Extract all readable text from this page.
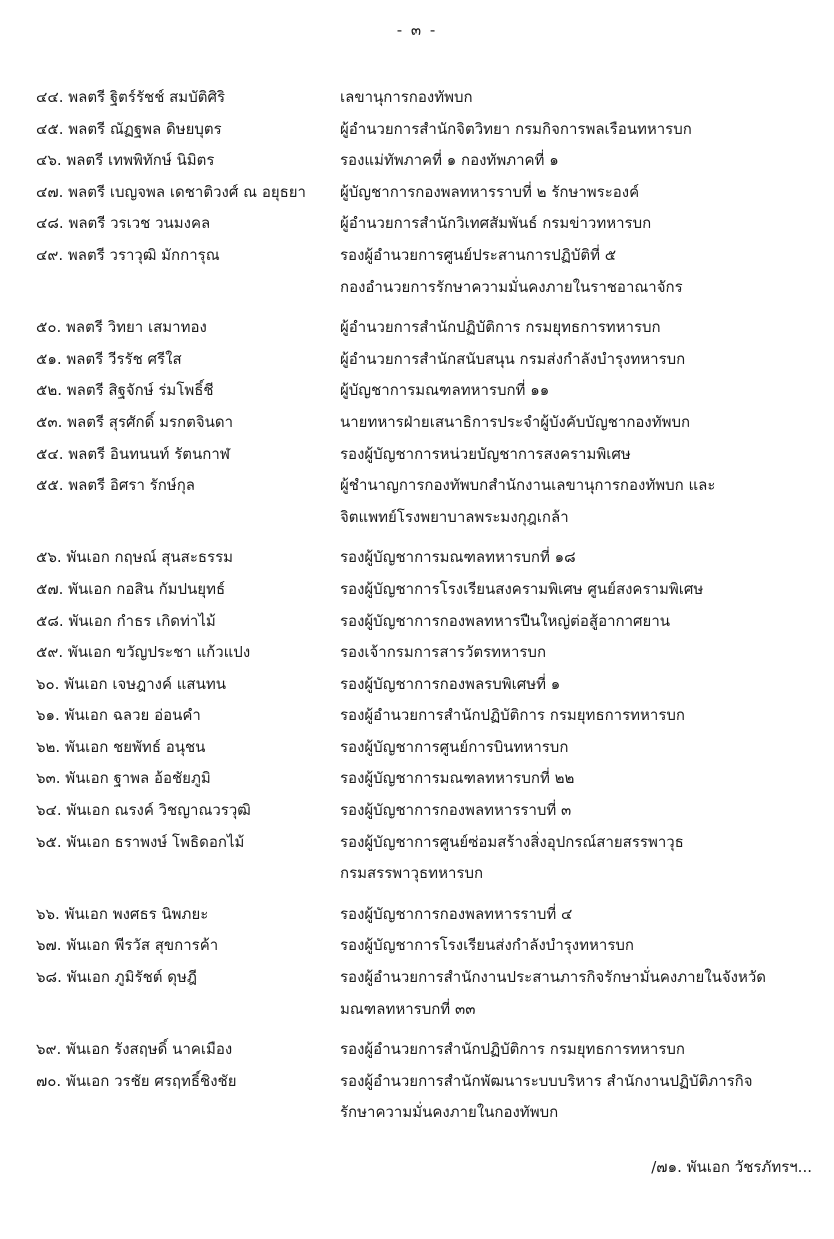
- ๓ -
๔๔. พลตรี ฐิตร์รัชช์ สมบัติศิริ	เลขานุการกองทัพบก
๔๕. พลตรี ณัฏฐพล ดิษยบุตร	ผู้อำนวยการสำนักจิตวิทยา กรมกิจการพลเรือนทหารบก
๔๖. พลตรี เทพพิทักษ์ นิมิตร	รองแม่ทัพภาคที่ ๑ กองทัพภาคที่ ๑
๔๗. พลตรี เบญจพล เดชาติวงศ์ ณ อยุธยา	ผู้บัญชาการกองพลทหารราบที่ ๒ รักษาพระองค์
๔๘. พลตรี วรเวช วนมงคล	ผู้อำนวยการสำนักวิเทศสัมพันธ์ กรมข่าวทหารบก
๔๙. พลตรี วราวุฒิ มักการุณ	รองผู้อำนวยการศูนย์ประสานการปฏิบัติที่ ๕
กองอำนวยการรักษาความมั่นคงภายในราชอาณาจักร
๕๐. พลตรี วิทยา เสมาทอง	ผู้อำนวยการสำนักปฏิบัติการ กรมยุทธการทหารบก
๕๑. พลตรี วีรรัช ศรีใส	ผู้อำนวยการสำนักสนับสนุน กรมส่งกำลังบำรุงทหารบก
๕๒. พลตรี สิฐจักษ์ ร่มโพธิ์ชี	ผู้บัญชาการมณฑลทหารบกที่ ๑๑
๕๓. พลตรี สุรศักดิ์ มรกตจินดา	นายทหารฝ่ายเสนาธิการประจำผู้บังคับบัญชากองทัพบก
๕๔. พลตรี อินทนนท์ รัตนกาฬ	รองผู้บัญชาการหน่วยบัญชาการสงครามพิเศษ
๕๕. พลตรี อิศรา รักษ์กุล	ผู้ชำนาญการกองทัพบกสำนักงานเลขานุการกองทัพบก และ
จิตแพทย์โรงพยาบาลพระมงกุฎเกล้า
๕๖. พันเอก กฤษณ์ สุนสะธรรม	รองผู้บัญชาการมณฑลทหารบกที่ ๑๘
๕๗. พันเอก กอสิน กัมปนยุทธ์	รองผู้บัญชาการโรงเรียนสงครามพิเศษ ศูนย์สงครามพิเศษ
๕๘. พันเอก กำธร เกิดท่าไม้	รองผู้บัญชาการกองพลทหารปืนใหญ่ต่อสู้อากาศยาน
๕๙. พันเอก ขวัญประชา แก้วแปง	รองเจ้ากรมการสารวัตรทหารบก
๖๐. พันเอก เจษฎางค์ แสนทน	รองผู้บัญชาการกองพลรบพิเศษที่ ๑
๖๑. พันเอก ฉลวย อ่อนคำ	รองผู้อำนวยการสำนักปฏิบัติการ กรมยุทธการทหารบก
๖๒. พันเอก ชยพัทธ์ อนุชน	รองผู้บัญชาการศูนย์การบินทหารบก
๖๓. พันเอก ฐาพล อ้อชัยภูมิ	รองผู้บัญชาการมณฑลทหารบกที่ ๒๒
๖๔. พันเอก ณรงค์ วิชญาณวรวุฒิ	รองผู้บัญชาการกองพลทหารราบที่ ๓
๖๕. พันเอก ธราพงษ์ โพธิดอกไม้	รองผู้บัญชาการศูนย์ซ่อมสร้างสิ่งอุปกรณ์สายสรรพาวุธ
กรมสรรพาวุธทหารบก
๖๖. พันเอก พงศธร นิพภยะ	รองผู้บัญชาการกองพลทหารราบที่ ๔
๖๗. พันเอก พีรวัส สุขการค้า	รองผู้บัญชาการโรงเรียนส่งกำลังบำรุงทหารบก
๖๘. พันเอก ภูมิรัชต์ ดุษฎี	รองผู้อำนวยการสำนักงานประสานภารกิจรักษามั่นคงภายในจังหวัด
มณฑลทหารบกที่ ๓๓
๖๙. พันเอก รังสฤษดิ์ นาคเมือง	รองผู้อำนวยการสำนักปฏิบัติการ กรมยุทธการทหารบก
๗๐. พันเอก วรชัย ศรฤทธิ์ชิงชัย	รองผู้อำนวยการสำนักพัฒนาระบบบริหาร สำนักงานปฏิบัติภารกิจ
รักษาความมั่นคงภายในกองทัพบก
/๗๑. พันเอก วัชรภัทรฯ...
